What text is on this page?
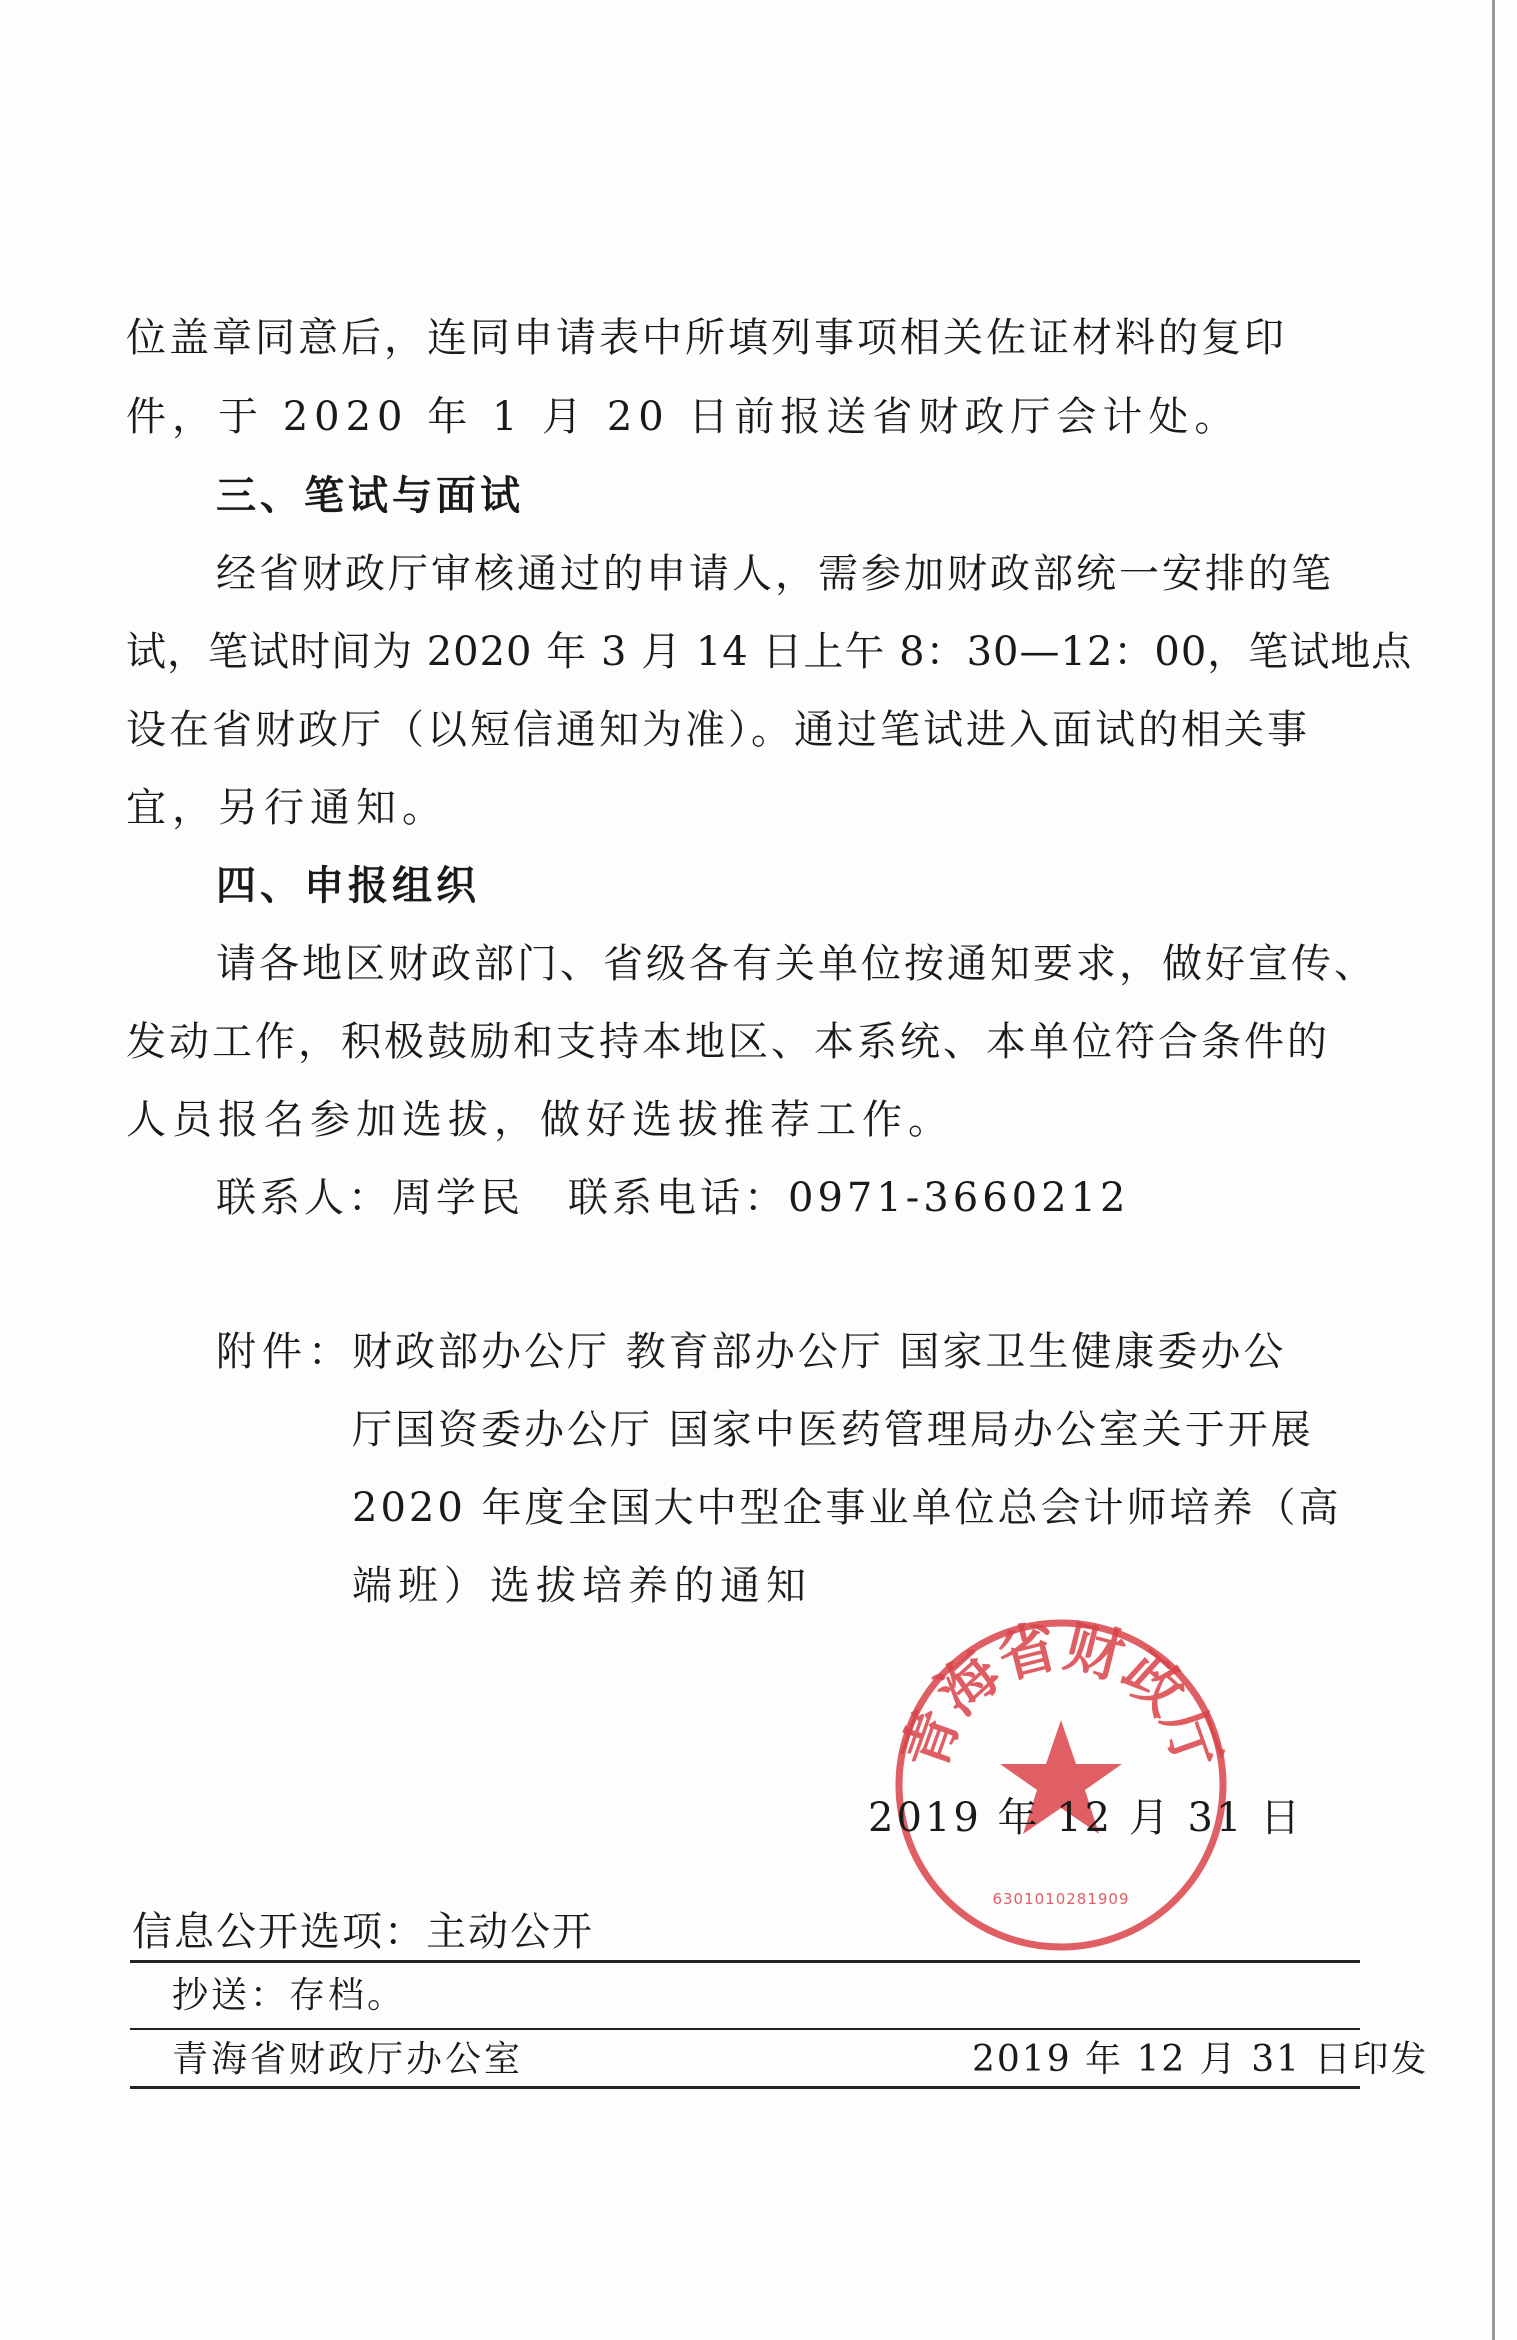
位盖章同意后，连同申请表中所填列事项相关佐证材料的复印
件，于 2020 年 1 月 20 日前报送省财政厅会计处。
三、笔试与面试
经省财政厅审核通过的申请人，需参加财政部统一安排的笔
试，笔试时间为 2020 年 3 月 14 日上午 8：30—12：00，笔试地点
设在省财政厅（以短信通知为准）。通过笔试进入面试的相关事
宜，另行通知。
四、申报组织
请各地区财政部门、省级各有关单位按通知要求，做好宣传、
发动工作，积极鼓励和支持本地区、本系统、本单位符合条件的
人员报名参加选拔，做好选拔推荐工作。
联系人：周学民　联系电话：0971-3660212
附件：
财政部办公厅 教育部办公厅 国家卫生健康委办公
厅国资委办公厅 国家中医药管理局办公室关于开展
2020 年度全国大中型企事业单位总会计师培养（高
端班）选拔培养的通知
青海省财政厅
6301010281909
2019 年 12 月 31 日
信息公开选项：主动公开
抄送：存档。
青海省财政厅办公室	2019 年 12 月 31 日印发
